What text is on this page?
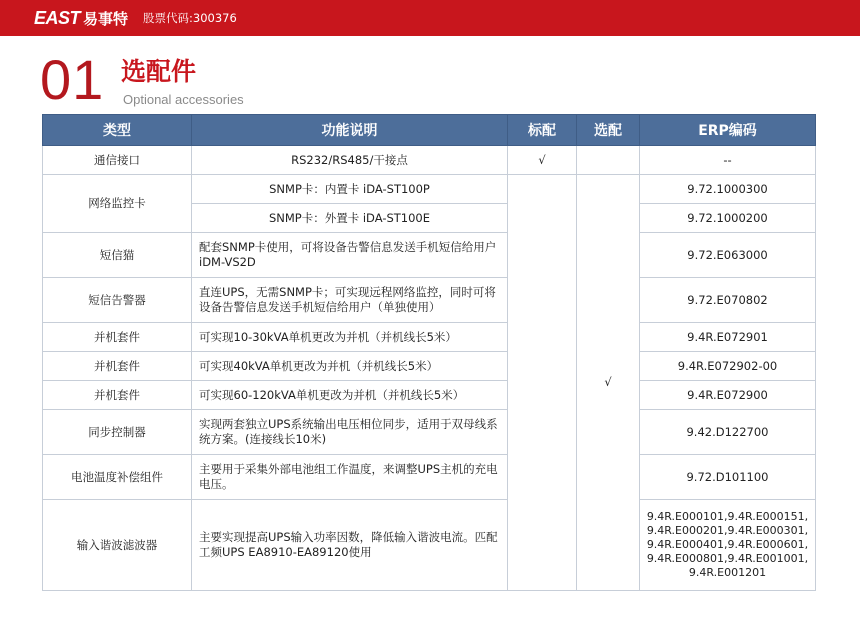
EAST 易事特 股票代码:300376
01 选配件
Optional accessories
类型	功能说明	标配	选配	ERP编码
通信接口	RS232/RS485/干接点	√		--
网络监控卡	SNMP卡：内置卡 iDA-ST100P		√	9.72.1000300
	SNMP卡：外置卡 iDA-ST100E			9.72.1000200
短信猫	配套SNMP卡使用，可将设备告警信息发送手机短信给用户 iDM-VS2D			9.72.E063000
短信告警器	直连UPS，无需SNMP卡；可实现远程网络监控，同时可将设备告警信息发送手机短信给用户（单独使用）			9.72.E070802
并机套件	可实现10-30kVA单机更改为并机（并机线长5米）			9.4R.E072901
并机套件	可实现40kVA单机更改为并机（并机线长5米）			9.4R.E072902-00
并机套件	可实现60-120kVA单机更改为并机（并机线长5米）			9.4R.E072900
同步控制器	实现两套独立UPS系统输出电压相位同步，适用于双母线系统方案。(连接线长10米)			9.42.D122700
电池温度补偿组件	主要用于采集外部电池组工作温度，来调整UPS主机的充电电压。			9.72.D101100
输入谐波滤波器	主要实现提高UPS输入功率因数，降低输入谐波电流。匹配工频UPS EA8910-EA89120使用			9.4R.E000101,9.4R.E000151,9.4R.E000201,9.4R.E000301,9.4R.E000401,9.4R.E000601,9.4R.E000801,9.4R.E001001,9.4R.E001201
